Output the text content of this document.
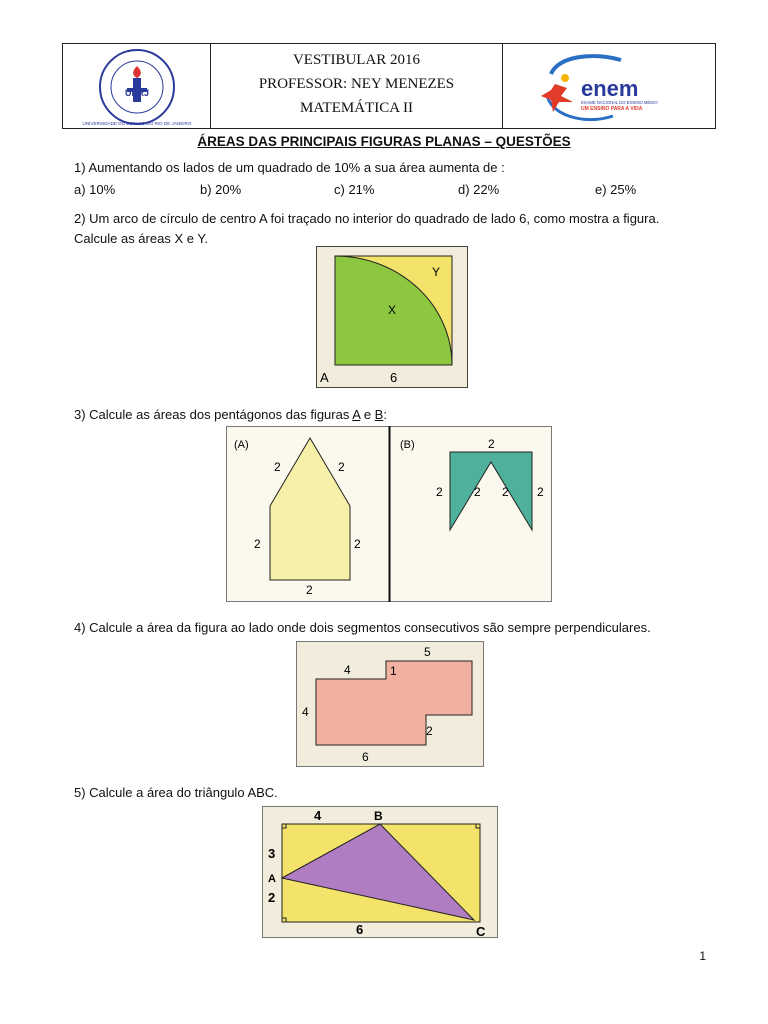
UERJ
UNIVERSIDADE DO ESTADO DO RIO DE JANEIRO
VESTIBULAR 2016
PROFESSOR: NEY MENEZES
MATEMÁTICA II
enem
EXAME NACIONAL DO ENSINO MÉDIO
UM ENSINO PARA A VIDA
ÁREAS DAS PRINCIPAIS FIGURAS PLANAS – QUESTÕES
1) Aumentando os lados de um quadrado de 10% a sua área aumenta de :
a) 10%	b) 20%	c) 21%	d) 22%	e) 25%
2) Um arco de círculo de centro A foi traçado no interior do quadrado de lado 6, como mostra a figura.
Calcule as áreas X e Y.
Y
X
A	6
3) Calcule as áreas dos pentágonos das figuras A e B:
(A)
2	2
2	2
2
(B)	2
2	2 2 2
4) Calcule a área da figura ao lado onde dois segmentos consecutivos são sempre perpendiculares.
5
4	1
4
2
6
5) Calcule a área do triângulo ABC.
4	B
3
A
2
6	C
1
